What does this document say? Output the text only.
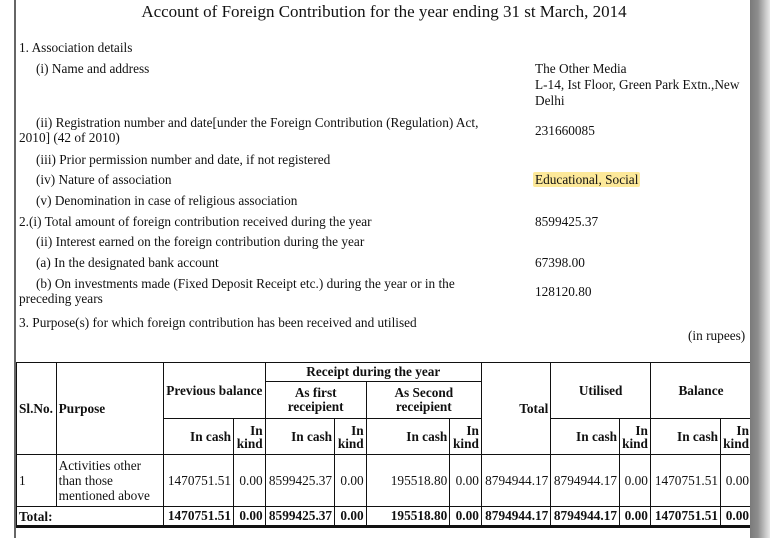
Account of Foreign Contribution for the year ending 31 st March, 2014
1. Association details
(i) Name and address	The Other Media
L-14, Ist Floor, Green Park Extn.,New
Delhi
(ii) Registration number and date[under the Foreign Contribution (Regulation) Act,
2010] (42 of 2010)	231660085
(iii) Prior permission number and date, if not registered
(iv) Nature of association	Educational, Social
(v) Denomination in case of religious association
2.(i) Total amount of foreign contribution received during the year	8599425.37
(ii) Interest earned on the foreign contribution during the year
(a) In the designated bank account	67398.00
(b) On investments made (Fixed Deposit Receipt etc.) during the year or in the
preceding years	128120.80
3. Purpose(s) for which foreign contribution has been received and utilised
(in rupees)
Sl.No.	Purpose	Previous balance		Receipt during the year				Total	Utilised		Balance	
				As first receipient		As Second receipient						
		In cash	In kind	In cash	In kind	In cash	In kind		In cash	In kind	In cash	In kind
1	Activities other than those mentioned above	1470751.51	0.00	8599425.37	0.00	195518.80	0.00	8794944.17	8794944.17	0.00	1470751.51	0.00
Total:		1470751.51	0.00	8599425.37	0.00	195518.80	0.00	8794944.17	8794944.17	0.00	1470751.51	0.00
